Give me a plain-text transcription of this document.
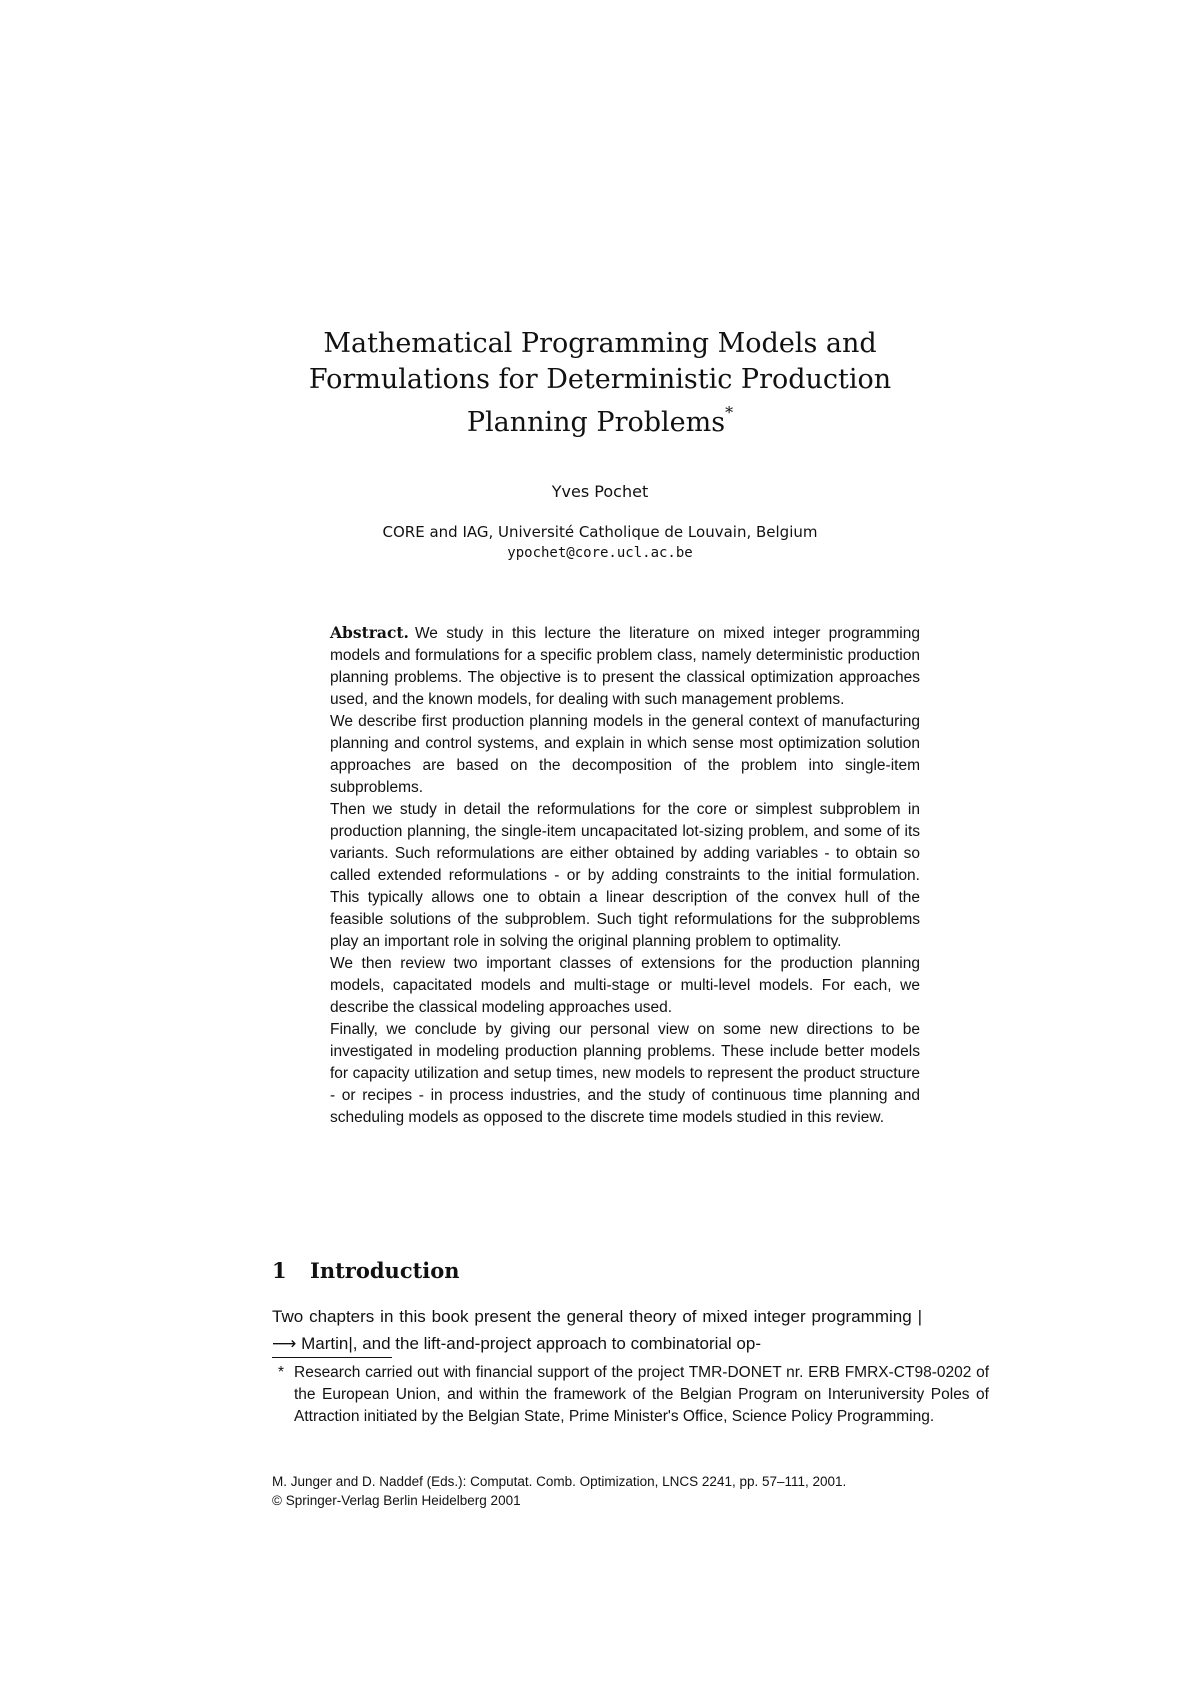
Mathematical Programming Models and
Formulations for Deterministic Production
Planning Problems*
Yves Pochet
CORE and IAG, Université Catholique de Louvain, Belgium
ypochet@core.ucl.ac.be

Abstract. We study in this lecture the literature on mixed integer programming models and formulations for a specific problem class, namely deterministic production planning problems. The objective is to present the classical optimization approaches used, and the known models, for dealing with such management problems.

We describe first production planning models in the general context of manufacturing planning and control systems, and explain in which sense most optimization solution approaches are based on the decomposition of the problem into single-item subproblems.

Then we study in detail the reformulations for the core or simplest subproblem in production planning, the single-item uncapacitated lot-sizing problem, and some of its variants. Such reformulations are either obtained by adding variables - to obtain so called extended reformulations - or by adding constraints to the initial formulation. This typically allows one to obtain a linear description of the convex hull of the feasible solutions of the subproblem. Such tight reformulations for the subproblems play an important role in solving the original planning problem to optimality.

We then review two important classes of extensions for the production planning models, capacitated models and multi-stage or multi-level models. For each, we describe the classical modeling approaches used.

Finally, we conclude by giving our personal view on some new directions to be investigated in modeling production planning problems. These include better models for capacity utilization and setup times, new models to represent the product structure - or recipes - in process industries, and the study of continuous time planning and scheduling models as opposed to the discrete time models studied in this review.

1 Introduction

Two chapters in this book present the general theory of mixed integer programming |⟶ Martin|, and the lift-and-project approach to combinatorial op-

* Research carried out with financial support of the project TMR-DONET nr. ERB FMRX-CT98-0202 of the European Union, and within the framework of the Belgian Program on Interuniversity Poles of Attraction initiated by the Belgian State, Prime Minister's Office, Science Policy Programming.

M. Junger and D. Naddef (Eds.): Computat. Comb. Optimization, LNCS 2241, pp. 57–111, 2001.
© Springer-Verlag Berlin Heidelberg 2001
